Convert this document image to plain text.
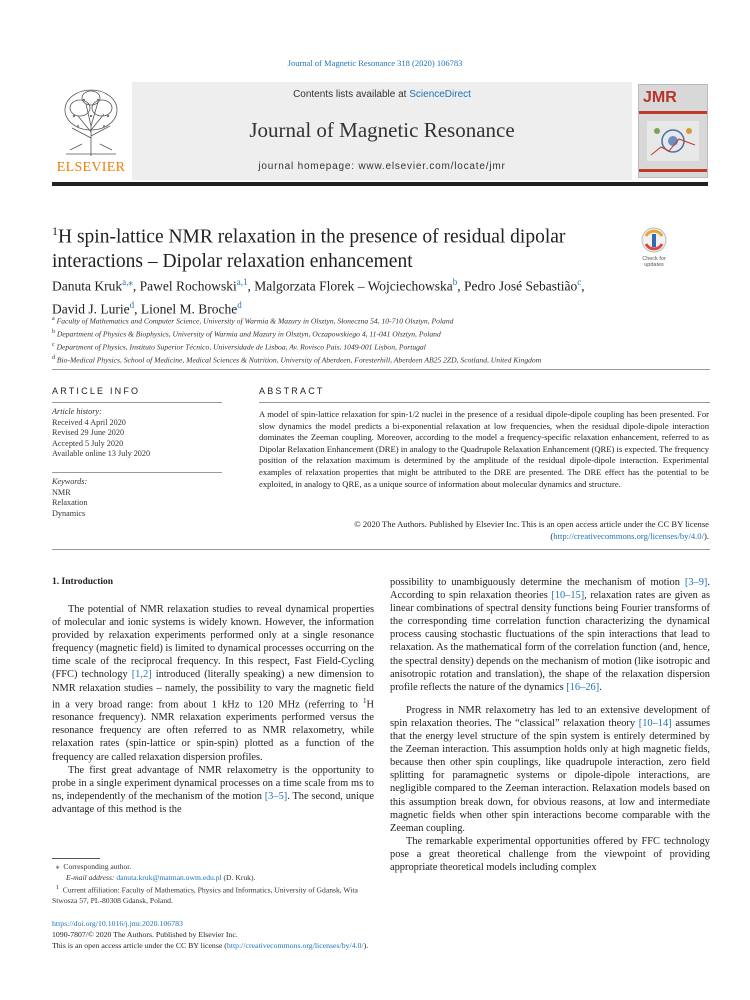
Journal of Magnetic Resonance 318 (2020) 106783
ELSEVIER
Contents lists available at ScienceDirect
Journal of Magnetic Resonance
journal homepage: www.elsevier.com/locate/jmr
JMR
$^1$H spin-lattice NMR relaxation in the presence of residual dipolar
interactions – Dipolar relaxation enhancement	Check for updates
Danuta Kruk$^{a,⁎}$, Pawel Rochowski$^{a,1}$, Malgorzata Florek – Wojciechowska$^b$, Pedro José Sebastião$^c$,
David J. Lurie$^d$, Lionel M. Broche$^d$
$^a$ Faculty of Mathematics and Computer Science, University of Warmia & Mazury in Olsztyn, Słoneczna 54, 10-710 Olsztyn, Poland
$^b$ Department of Physics & Biophysics, University of Warmia and Mazury in Olsztyn, Oczapowskiego 4, 11-041 Olsztyn, Poland
$^c$ Department of Physics, Instituto Superior Técnico, Universidade de Lisboa, Av. Rovisco Pais, 1049-001 Lisbon, Portugal
$^d$ Bio-Medical Physics, School of Medicine, Medical Sciences & Nutrition, University of Aberdeen, Foresterhill, Aberdeen AB25 2ZD, Scotland, United Kingdom
ARTICLE INFO
Article history:
Received 4 April 2020
Revised 29 June 2020
Accepted 5 July 2020
Available online 13 July 2020
Keywords:
NMR
Relaxation
Dynamics
ABSTRACT
A model of spin-lattice relaxation for spin-1/2 nuclei in the presence of a residual dipole-dipole coupling has been presented. For slow dynamics the model predicts a bi-exponential relaxation at low frequencies, when the residual dipole-dipole interaction dominates the Zeeman coupling. Moreover, according to the model a frequency-specific relaxation enhancement, referred to as Dipolar Relaxation Enhancement (DRE) in analogy to the Quadrupole Relaxation Enhancement (QRE) is expected. The frequency position of the relaxation maximum is determined by the amplitude of the residual dipole-dipole interaction. Experimental examples of relaxation properties that might be attributed to the DRE are presented. The DRE effect has the potential to be exploited, in analogy to QRE, as a unique source of information about molecular dynamics and structure.
© 2020 The Authors. Published by Elsevier Inc. This is an open access article under the CC BY license (http://creativecommons.org/licenses/by/4.0/).
1. Introduction

The potential of NMR relaxation studies to reveal dynamical properties of molecular and ionic systems is widely known. However, the information provided by relaxation experiments performed only at a single resonance frequency (magnetic field) is limited to dynamical processes occurring on the time scale of the reciprocal frequency. In this respect, Fast Field-Cycling (FFC) technology [1,2] introduced (literally speaking) a new dimension to NMR relaxation studies – namely, the possibility to vary the magnetic field in a very broad range: from about 1 kHz to 120 MHz (referring to $^1$H resonance frequency). NMR relaxation experiments performed versus the resonance frequency are often referred to as NMR relaxometry, while relaxation rates (spin-lattice or spin-spin) plotted as a function of the frequency are called relaxation dispersion profiles.

The first great advantage of NMR relaxometry is the opportunity to probe in a single experiment dynamical processes on a time scale from ms to ns, independently of the mechanism of the motion [3–5]. The second, unique advantage of this method is the

possibility to unambiguously determine the mechanism of motion [3–9]. According to spin relaxation theories [10–15], relaxation rates are given as linear combinations of spectral density functions being Fourier transforms of the corresponding time correlation function characterizing the dynamical process causing stochastic fluctuations of the spin interactions that lead to relaxation. As the mathematical form of the correlation function (and, hence, the spectral density) depends on the mechanism of motion (like isotropic and anisotropic rotation and translation), the shape of the relaxation dispersion profile reflects the nature of the dynamics [16–26].

Progress in NMR relaxometry has led to an extensive development of spin relaxation theories. The “classical” relaxation theory [10–14] assumes that the energy level structure of the spin system is entirely determined by the Zeeman interaction. This assumption holds only at high magnetic fields, because then other spin couplings, like quadrupole interaction, zero field splitting for paramagnetic systems or dipole-dipole interactions, are negligible compared to the Zeeman interaction. Relaxation models based on this assumption break down, for obvious reasons, at low and intermediate magnetic fields when other spin interactions become comparable with the Zeeman coupling.

The remarkable experimental opportunities offered by FFC technology pose a great theoretical challenge from the viewpoint of providing appropriate theoretical models including complex

⁎ Corresponding author.
E-mail address: danuta.kruk@matman.uwm.edu.pl (D. Kruk).
$^1$ Current affiliation: Faculty of Mathematics, Physics and Informatics, University of Gdansk, Wita Stwosza 57, PL-80308 Gdansk, Poland.
https://doi.org/10.1016/j.jmr.2020.106783
1090-7807/© 2020 The Authors. Published by Elsevier Inc.
This is an open access article under the CC BY license (http://creativecommons.org/licenses/by/4.0/).
